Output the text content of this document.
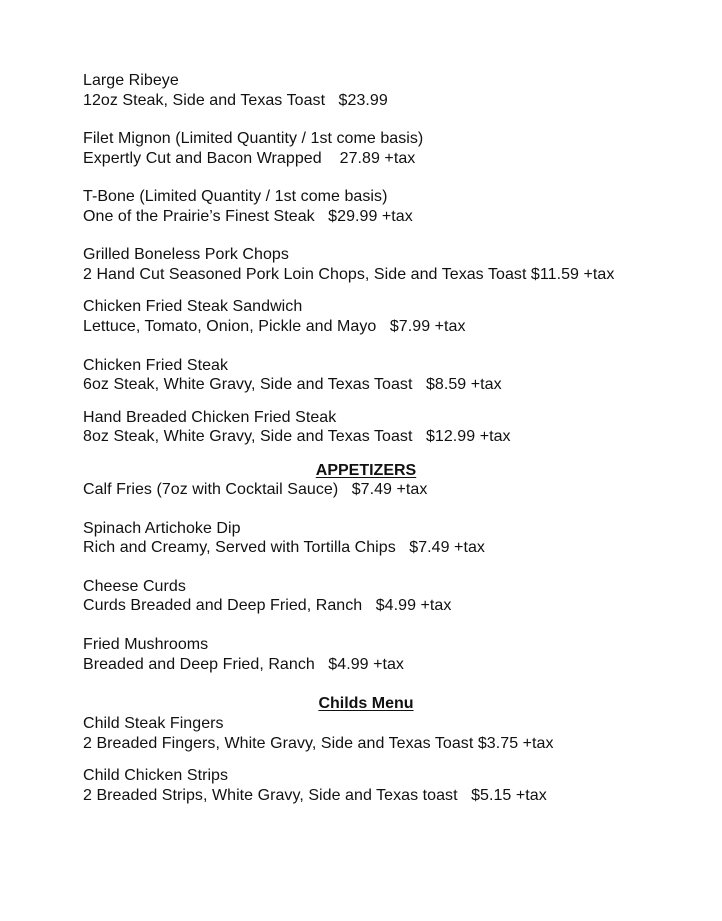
Large Ribeye
12oz Steak, Side and Texas Toast   $23.99
Filet Mignon (Limited Quantity / 1st come basis)
Expertly Cut and Bacon Wrapped    27.89 +tax
T-Bone (Limited Quantity / 1st come basis)
One of the Prairie’s Finest Steak   $29.99 +tax
Grilled Boneless Pork Chops
2 Hand Cut Seasoned Pork Loin Chops, Side and Texas Toast $11.59 +tax
Chicken Fried Steak Sandwich
Lettuce, Tomato, Onion, Pickle and Mayo   $7.99 +tax
Chicken Fried Steak
6oz Steak, White Gravy, Side and Texas Toast   $8.59 +tax
Hand Breaded Chicken Fried Steak
8oz Steak, White Gravy, Side and Texas Toast   $12.99 +tax
APPETIZERS
Calf Fries (7oz with Cocktail Sauce)   $7.49 +tax
Spinach Artichoke Dip
Rich and Creamy, Served with Tortilla Chips   $7.49 +tax
Cheese Curds
Curds Breaded and Deep Fried, Ranch   $4.99 +tax
Fried Mushrooms
Breaded and Deep Fried, Ranch   $4.99 +tax
Childs Menu
Child Steak Fingers
2 Breaded Fingers, White Gravy, Side and Texas Toast $3.75 +tax
Child Chicken Strips
2 Breaded Strips, White Gravy, Side and Texas toast   $5.15 +tax
